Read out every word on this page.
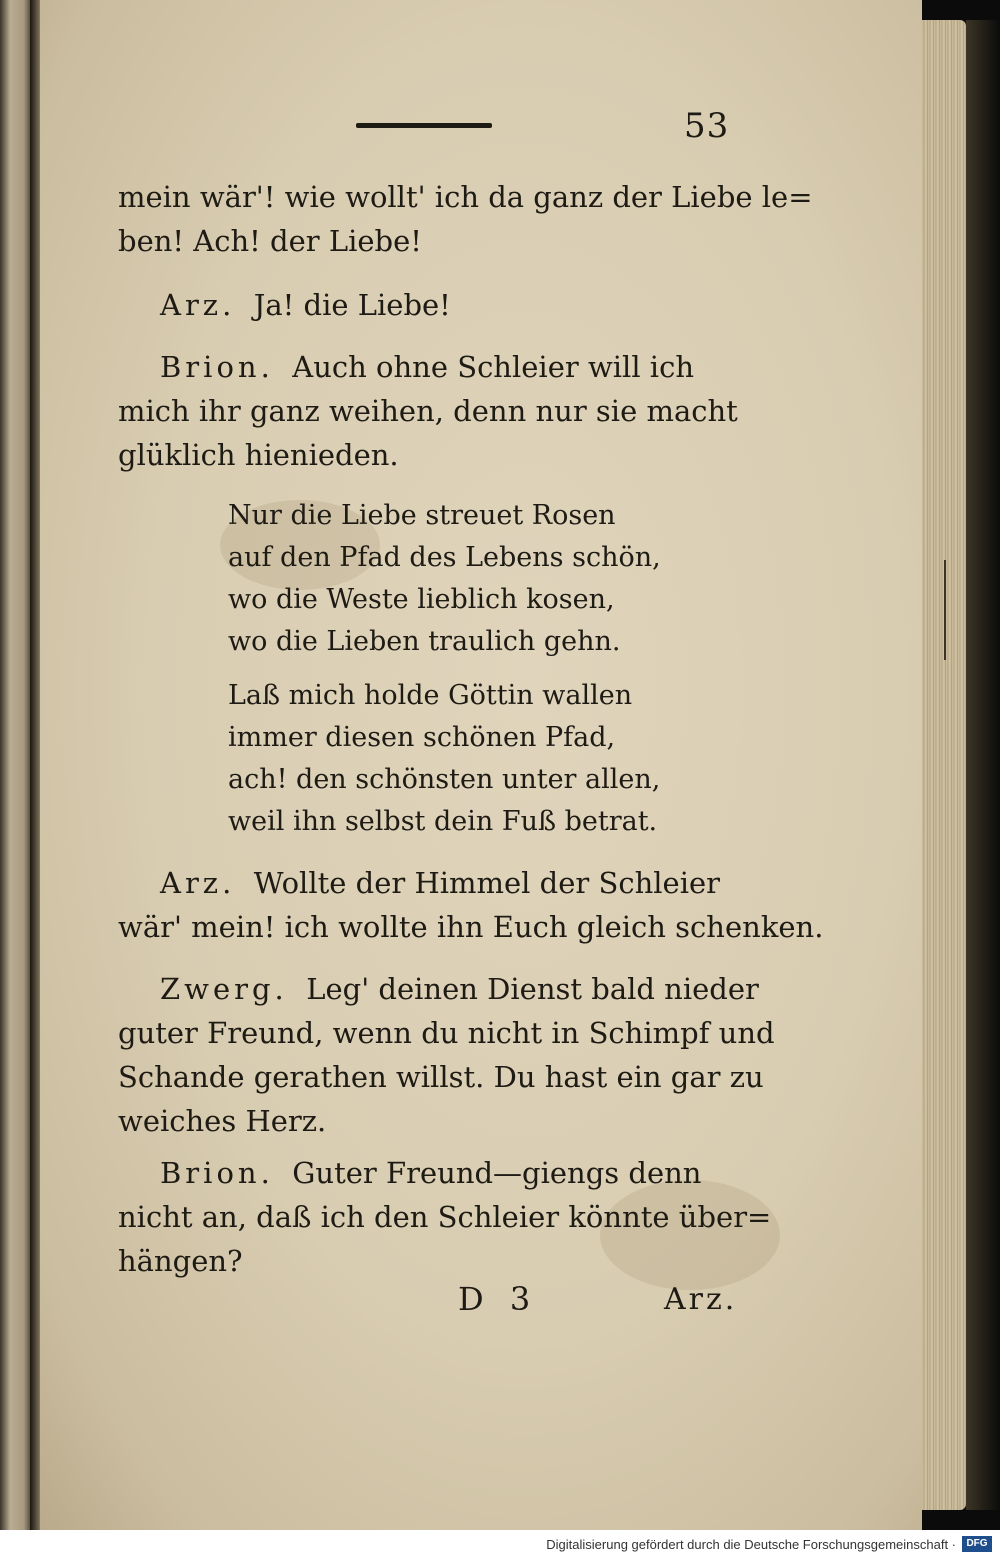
53
mein wär'! wie wollt' ich da ganz der Liebe le=
ben! Ach! der Liebe!
Arz. Ja! die Liebe!
Brion. Auch ohne Schleier will ich
mich ihr ganz weihen, denn nur sie macht
glüklich hienieden.
Nur die Liebe streuet Rosen
auf den Pfad des Lebens schön,
wo die Weste lieblich kosen,
wo die Lieben traulich gehn.
Laß mich holde Göttin wallen
immer diesen schönen Pfad,
ach! den schönsten unter allen,
weil ihn selbst dein Fuß betrat.
Arz. Wollte der Himmel der Schleier
wär' mein! ich wollte ihn Euch gleich schenken.
Zwerg. Leg' deinen Dienst bald nieder
guter Freund, wenn du nicht in Schimpf und
Schande gerathen willst. Du hast ein gar zu
weiches Herz.
Brion. Guter Freund—giengs denn
nicht an, daß ich den Schleier könnte über=
hängen?
D 3	Arz.
Digitalisierung gefördert durch die Deutsche Forschungsgemeinschaft ·	DFG
